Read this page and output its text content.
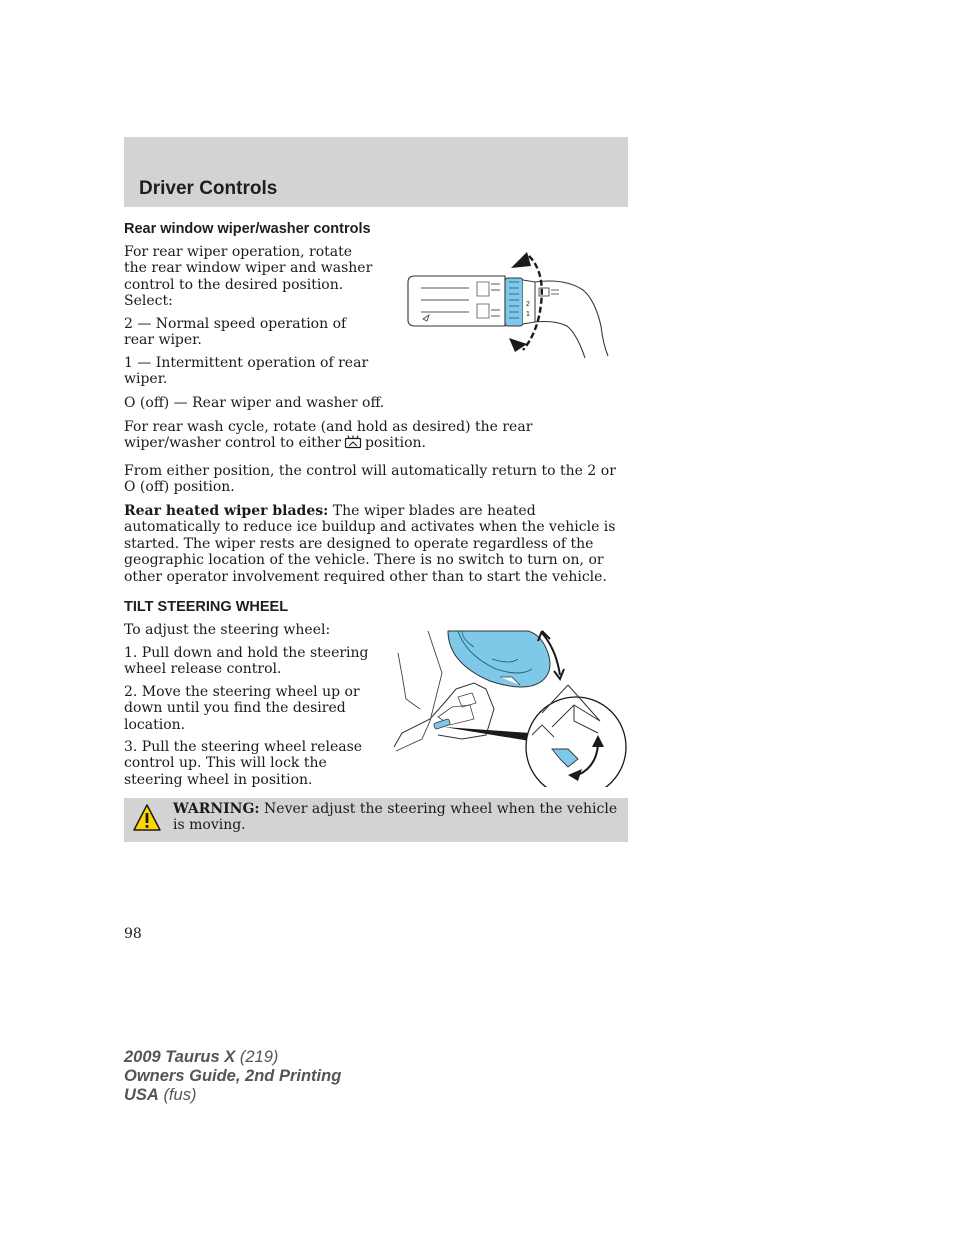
Driver Controls
Rear window wiper/washer controls

For rear wiper operation, rotate the rear window wiper and washer control to the desired position. Select:

2 — Normal speed operation of rear wiper.

1 — Intermittent operation of rear wiper.

O (off) — Rear wiper and washer off.

For rear wash cycle, rotate (and hold as desired) the rear wiper/washer control to either position.

From either position, the control will automatically return to the 2 or O (off) position.

Rear heated wiper blades: The wiper blades are heated automatically to reduce ice buildup and activates when the vehicle is started. The wiper rests are designed to operate regardless of the geographic location of the vehicle. There is no switch to turn on, or other operator involvement required other than to start the vehicle.

2
1
TILT STEERING WHEEL

To adjust the steering wheel:

1. Pull down and hold the steering wheel release control.

2. Move the steering wheel up or down until you find the desired location.

3. Pull the steering wheel release control up. This will lock the steering wheel in position.

WARNING: Never adjust the steering wheel when the vehicle is moving.

98

2009 Taurus X (219)
Owners Guide, 2nd Printing
USA (fus)
